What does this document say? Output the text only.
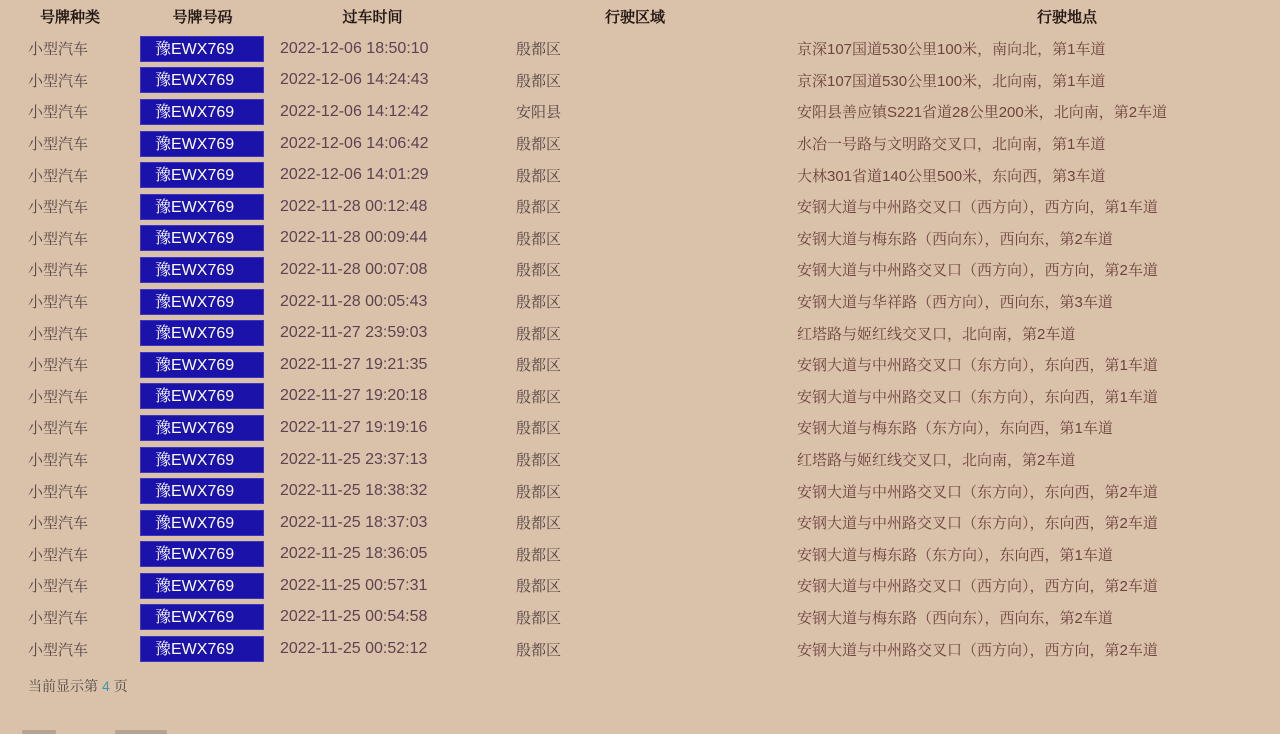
号牌种类	号牌号码	过车时间	行驶区域	行驶地点
小型汽车	豫EWX769	2022-12-06 18:50:10	殷都区	京深107国道530公里100米，南向北，第1车道
小型汽车	豫EWX769	2022-12-06 14:24:43	殷都区	京深107国道530公里100米，北向南，第1车道
小型汽车	豫EWX769	2022-12-06 14:12:42	安阳县	安阳县善应镇S221省道28公里200米，北向南，第2车道
小型汽车	豫EWX769	2022-12-06 14:06:42	殷都区	水冶一号路与文明路交叉口，北向南，第1车道
小型汽车	豫EWX769	2022-12-06 14:01:29	殷都区	大林301省道140公里500米，东向西，第3车道
小型汽车	豫EWX769	2022-11-28 00:12:48	殷都区	安钢大道与中州路交叉口（西方向），西方向，第1车道
小型汽车	豫EWX769	2022-11-28 00:09:44	殷都区	安钢大道与梅东路（西向东），西向东，第2车道
小型汽车	豫EWX769	2022-11-28 00:07:08	殷都区	安钢大道与中州路交叉口（西方向），西方向，第2车道
小型汽车	豫EWX769	2022-11-28 00:05:43	殷都区	安钢大道与华祥路（西方向），西向东，第3车道
小型汽车	豫EWX769	2022-11-27 23:59:03	殷都区	红塔路与姬红线交叉口，北向南，第2车道
小型汽车	豫EWX769	2022-11-27 19:21:35	殷都区	安钢大道与中州路交叉口（东方向），东向西，第1车道
小型汽车	豫EWX769	2022-11-27 19:20:18	殷都区	安钢大道与中州路交叉口（东方向），东向西，第1车道
小型汽车	豫EWX769	2022-11-27 19:19:16	殷都区	安钢大道与梅东路（东方向），东向西，第1车道
小型汽车	豫EWX769	2022-11-25 23:37:13	殷都区	红塔路与姬红线交叉口，北向南，第2车道
小型汽车	豫EWX769	2022-11-25 18:38:32	殷都区	安钢大道与中州路交叉口（东方向），东向西，第2车道
小型汽车	豫EWX769	2022-11-25 18:37:03	殷都区	安钢大道与中州路交叉口（东方向），东向西，第2车道
小型汽车	豫EWX769	2022-11-25 18:36:05	殷都区	安钢大道与梅东路（东方向），东向西，第1车道
小型汽车	豫EWX769	2022-11-25 00:57:31	殷都区	安钢大道与中州路交叉口（西方向），西方向，第2车道
小型汽车	豫EWX769	2022-11-25 00:54:58	殷都区	安钢大道与梅东路（西向东），西向东，第2车道
小型汽车	豫EWX769	2022-11-25 00:52:12	殷都区	安钢大道与中州路交叉口（西方向），西方向，第2车道
当前显示第 4 页
